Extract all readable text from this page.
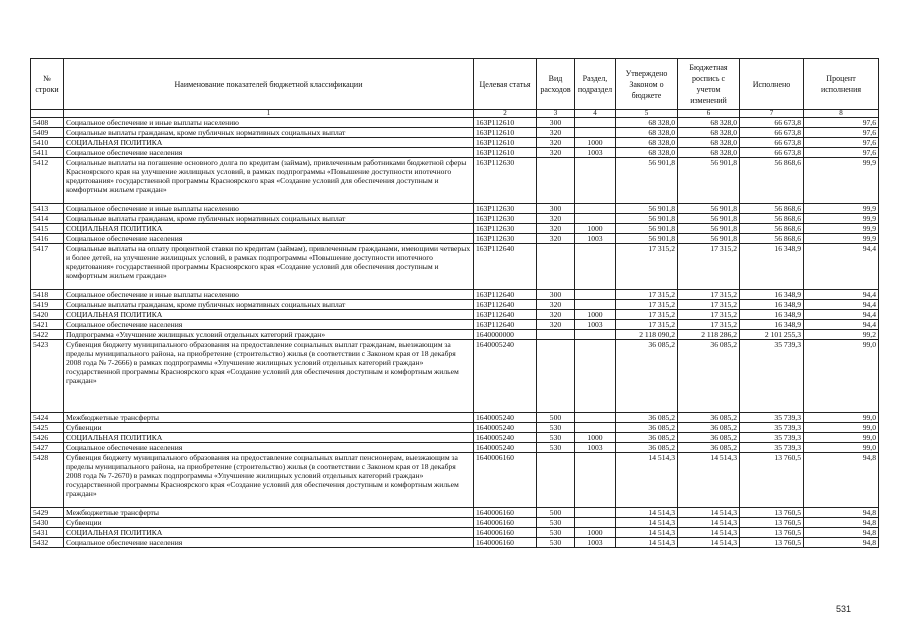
№ строки	Наименование показателей бюджетной классификации	Целевая статья	Вид расходов	Раздел, подраздел	Утверждено Законом о бюджете	Бюджетная роспись с учетом изменений	Исполнено	Процент исполнения
	1	2	3	4	5	6	7	8
5408	Социальное обеспечение и иные выплаты населению	163Р112610	300		68 328,0	68 328,0	66 673,8	97,6
5409	Социальные выплаты гражданам, кроме публичных нормативных социальных выплат	163Р112610	320		68 328,0	68 328,0	66 673,8	97,6
5410	СОЦИАЛЬНАЯ ПОЛИТИКА	163Р112610	320	1000	68 328,0	68 328,0	66 673,8	97,6
5411	Социальное обеспечение населения	163Р112610	320	1003	68 328,0	68 328,0	66 673,8	97,6
5412	Социальные выплаты на погашение основного долга по кредитам (займам), привлеченным работниками бюджетной сферы Красноярского края на улучшение жилищных условий, в рамках подпрограммы «Повышение доступности ипотечного кредитования» государственной программы Красноярского края «Создание условий для обеспечения доступным и комфортным жильем граждан»	163Р112630			56 901,8	56 901,8	56 868,6	99,9
5413	Социальное обеспечение и иные выплаты населению	163Р112630	300		56 901,8	56 901,8	56 868,6	99,9
5414	Социальные выплаты гражданам, кроме публичных нормативных социальных выплат	163Р112630	320		56 901,8	56 901,8	56 868,6	99,9
5415	СОЦИАЛЬНАЯ ПОЛИТИКА	163Р112630	320	1000	56 901,8	56 901,8	56 868,6	99,9
5416	Социальное обеспечение населения	163Р112630	320	1003	56 901,8	56 901,8	56 868,6	99,9
5417	Социальные выплаты на оплату процентной ставки по кредитам (займам), привлеченным гражданами, имеющими четверых и более детей, на улучшение жилищных условий, в рамках подпрограммы «Повышение доступности ипотечного кредитования» государственной программы Красноярского края «Создание условий для обеспечения доступным и комфортным жильем граждан»	163Р112640			17 315,2	17 315,2	16 348,9	94,4
5418	Социальное обеспечение и иные выплаты населению	163Р112640	300		17 315,2	17 315,2	16 348,9	94,4
5419	Социальные выплаты гражданам, кроме публичных нормативных социальных выплат	163Р112640	320		17 315,2	17 315,2	16 348,9	94,4
5420	СОЦИАЛЬНАЯ ПОЛИТИКА	163Р112640	320	1000	17 315,2	17 315,2	16 348,9	94,4
5421	Социальное обеспечение населения	163Р112640	320	1003	17 315,2	17 315,2	16 348,9	94,4
5422	Подпрограмма «Улучшение жилищных условий отдельных категорий граждан»	1640000000			2 118 090,2	2 118 286,2	2 101 255,3	99,2
5423	Субвенция бюджету муниципального образования на предоставление социальных выплат гражданам, выезжающим за пределы муниципального района, на приобретение (строительство) жилья (в соответствии с Законом края от 18 декабря 2008 года № 7-2666) в рамках подпрограммы «Улучшение жилищных условий отдельных категорий граждан» государственной программы Красноярского края «Создание условий для обеспечения доступным и комфортным жильем граждан»	1640005240			36 085,2	36 085,2	35 739,3	99,0
5424	Межбюджетные трансферты	1640005240	500		36 085,2	36 085,2	35 739,3	99,0
5425	Субвенции	1640005240	530		36 085,2	36 085,2	35 739,3	99,0
5426	СОЦИАЛЬНАЯ ПОЛИТИКА	1640005240	530	1000	36 085,2	36 085,2	35 739,3	99,0
5427	Социальное обеспечение населения	1640005240	530	1003	36 085,2	36 085,2	35 739,3	99,0
5428	Субвенция бюджету муниципального образования на предоставление социальных выплат пенсионерам, выезжающим за пределы муниципального района, на приобретение (строительство) жилья (в соответствии с Законом края от 18 декабря 2008 года № 7-2670) в рамках подпрограммы «Улучшение жилищных условий отдельных категорий граждан» государственной программы Красноярского края «Создание условий для обеспечения доступным и комфортным жильем граждан»	1640006160			14 514,3	14 514,3	13 760,5	94,8
5429	Межбюджетные трансферты	1640006160	500		14 514,3	14 514,3	13 760,5	94,8
5430	Субвенции	1640006160	530		14 514,3	14 514,3	13 760,5	94,8
5431	СОЦИАЛЬНАЯ ПОЛИТИКА	1640006160	530	1000	14 514,3	14 514,3	13 760,5	94,8
5432	Социальное обеспечение населения	1640006160	530	1003	14 514,3	14 514,3	13 760,5	94,8
531
